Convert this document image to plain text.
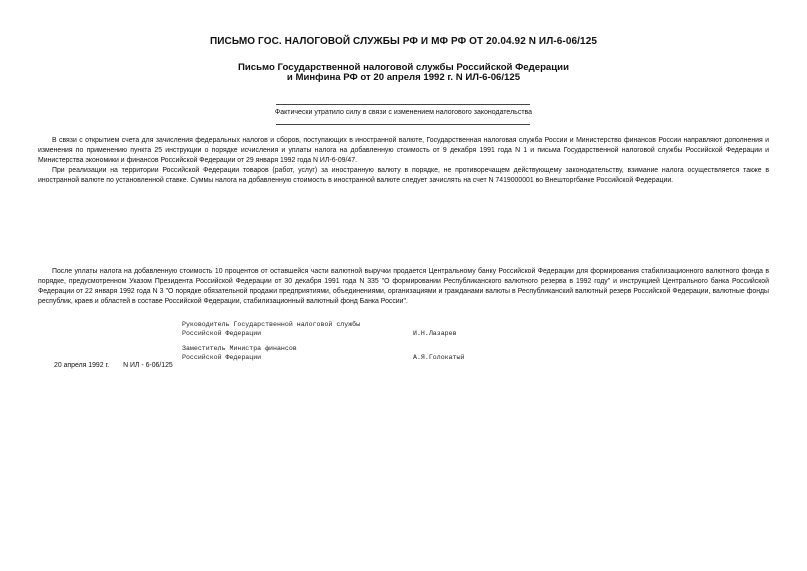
ПИСЬМО ГОС. НАЛОГОВОЙ СЛУЖБЫ РФ И МФ РФ ОТ 20.04.92 N ИЛ-6-06/125
Письмо Государственной налоговой службы Российской Федерации
и Минфина РФ от 20 апреля 1992 г. N ИЛ-6-06/125
Фактически утратило силу в связи с изменением налогового законодательства

В связи с открытием счета для зачисления федеральных налогов и сборов, поступающих в иностранной валюте, Государственная налоговая служба России и Министерство финансов России направляют дополнения и изменения по применению пункта 25 инструкции о порядке исчисления и уплаты налога на добавленную стоимость от 9 декабря 1991 года N 1 и письма Государственной налоговой службы Российской Федерации и Министерства экономики и финансов Российской Федерации от 29 января 1992 года N ИЛ-6-09/47.

При реализации на территории Российской Федерации товаров (работ, услуг) за иностранную валюту в порядке, не противоречащем действующему законодательству, взимание налога осуществляется также в иностранной валюте по установленной ставке. Суммы налога на добавленную стоимость в иностранной валюте следует зачислять на счет N 7419000001 во Внешторгбанке Российской Федерации.

После уплаты налога на добавленную стоимость 10 процентов от оставшейся части валютной выручки продается Центральному банку Российской Федерации для формирования стабилизационного валютного фонда в порядке, предусмотренном Указом Президента Российской Федерации от 30 декабря 1991 года N 335 "О формировании Республиканского валютного резерва в 1992 году" и инструкцией Центрального банка Российской Федерации от 22 января 1992 года N 3 "О порядке обязательной продажи предприятиями, объединениями, организациями и гражданами валюты в Республиканский валютный резерв Российской Федерации, валютные фонды республик, краев и областей в составе Российской Федерации, стабилизационный валютный фонд Банка России".

Руководитель Государственной налоговой службы
Российской Федерации	И.Н.Лазарев
Заместитель Министра финансов
Российской Федерации	А.Я.Голокатый
20 апреля 1992 г. N ИЛ - 6-06/125
